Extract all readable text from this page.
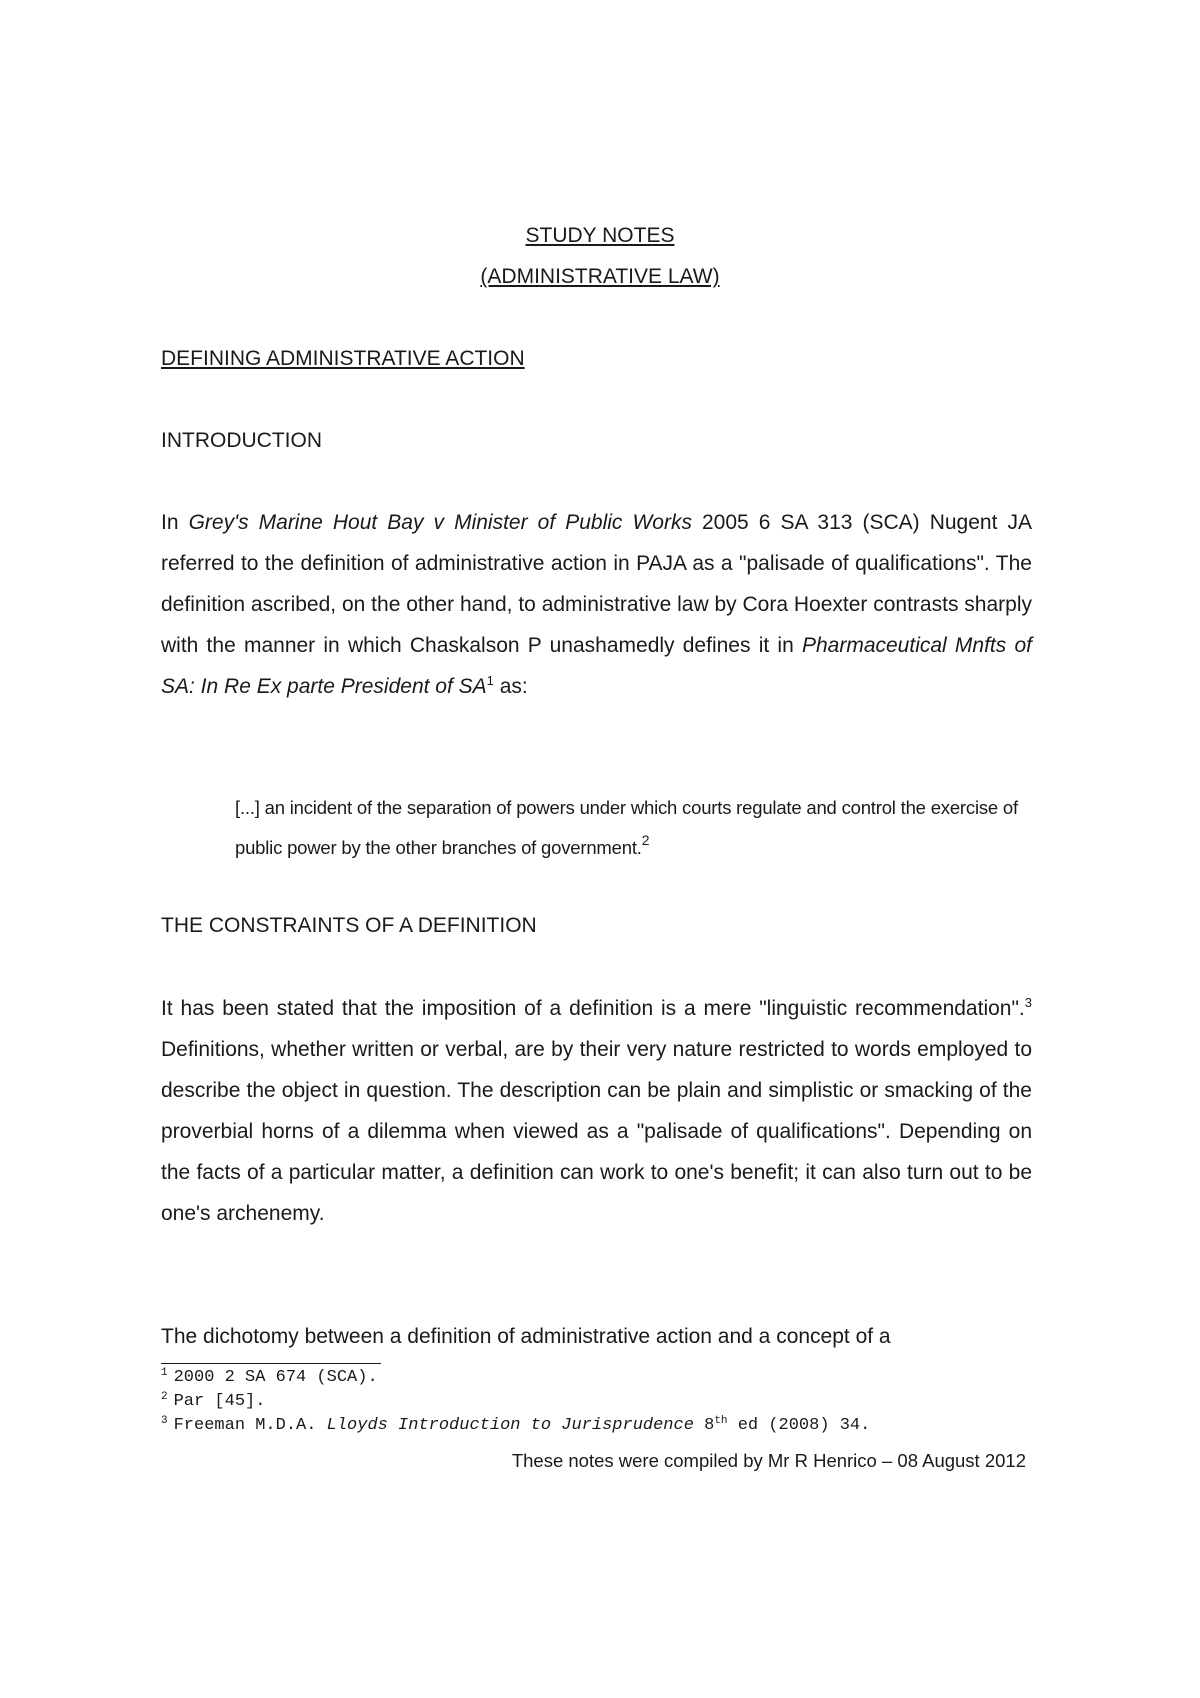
STUDY NOTES
(ADMINISTRATIVE LAW)
DEFINING ADMINISTRATIVE ACTION
INTRODUCTION

In Grey's Marine Hout Bay v Minister of Public Works 2005 6 SA 313 (SCA) Nugent JA referred to the definition of administrative action in PAJA as a "palisade of qualifications". The definition ascribed, on the other hand, to administrative law by Cora Hoexter contrasts sharply with the manner in which Chaskalson P unashamedly defines it in Pharmaceutical Mnfts of SA: In Re Ex parte President of SA$^1$ as:

[...] an incident of the separation of powers under which courts regulate and control the exercise of public power by the other branches of government.$^2$

THE CONSTRAINTS OF A DEFINITION

It has been stated that the imposition of a definition is a mere "linguistic recommendation".$^3$ Definitions, whether written or verbal, are by their very nature restricted to words employed to describe the object in question. The description can be plain and simplistic or smacking of the proverbial horns of a dilemma when viewed as a "palisade of qualifications". Depending on the facts of a particular matter, a definition can work to one's benefit; it can also turn out to be one's archenemy.

The dichotomy between a definition of administrative action and a concept of a

$^1$ 2000 2 SA 674 (SCA).
$^2$ Par [45].
$^3$ Freeman M.D.A. Lloyds Introduction to Jurisprudence 8th ed (2008) 34.
These notes were compiled by Mr R Henrico – 08 August 2012
